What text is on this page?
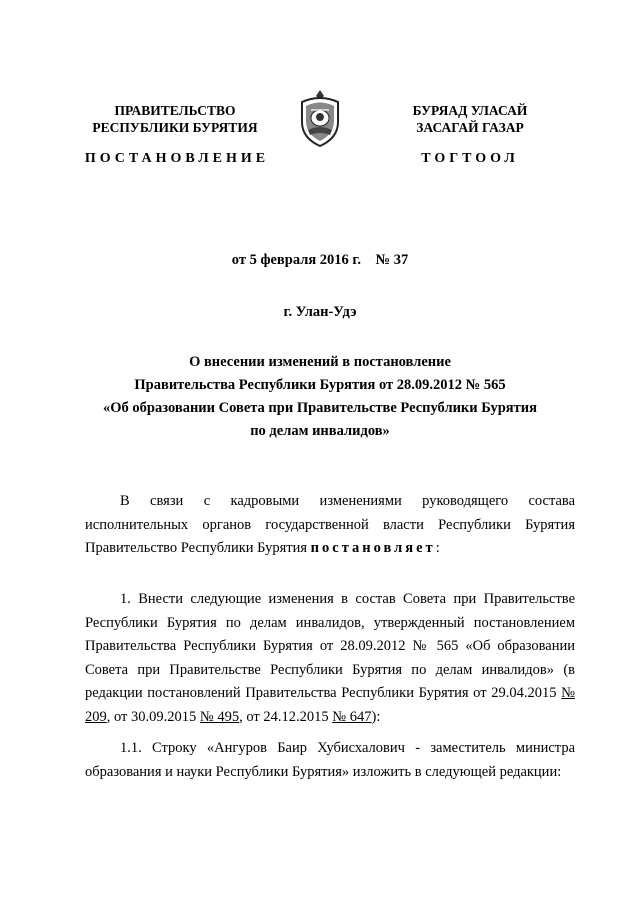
ПРАВИТЕЛЬСТВО
РЕСПУБЛИКИ БУРЯТИЯ
ПОСТАНОВЛЕНИЕ
БУРЯАД УЛАСАЙ
ЗАСАГАЙ ГАЗАР
ТОГТООЛ
от 5 февраля 2016 г.    № 37
г. Улан-Удэ
О внесении изменений в постановление
Правительства Республики Бурятия от 28.09.2012 № 565
«Об образовании Совета при Правительстве Республики Бурятия
по делам инвалидов»

В связи с кадровыми изменениями руководящего состава исполнительных органов государственной власти Республики Бурятия Правительство Республики Бурятия постановляет:

1. Внести следующие изменения в состав Совета при Правительстве Республики Бурятия по делам инвалидов, утвержденный постановлением Правительства Республики Бурятия от 28.09.2012 № 565 «Об образовании Совета при Правительстве Республики Бурятия по делам инвалидов» (в редакции постановлений Правительства Республики Бурятия от 29.04.2015 № 209, от 30.09.2015 № 495, от 24.12.2015 № 647):

1.1. Строку «Ангуров Баир Хубисхалович - заместитель министра образования и науки Республики Бурятия» изложить в следующей редакции:
